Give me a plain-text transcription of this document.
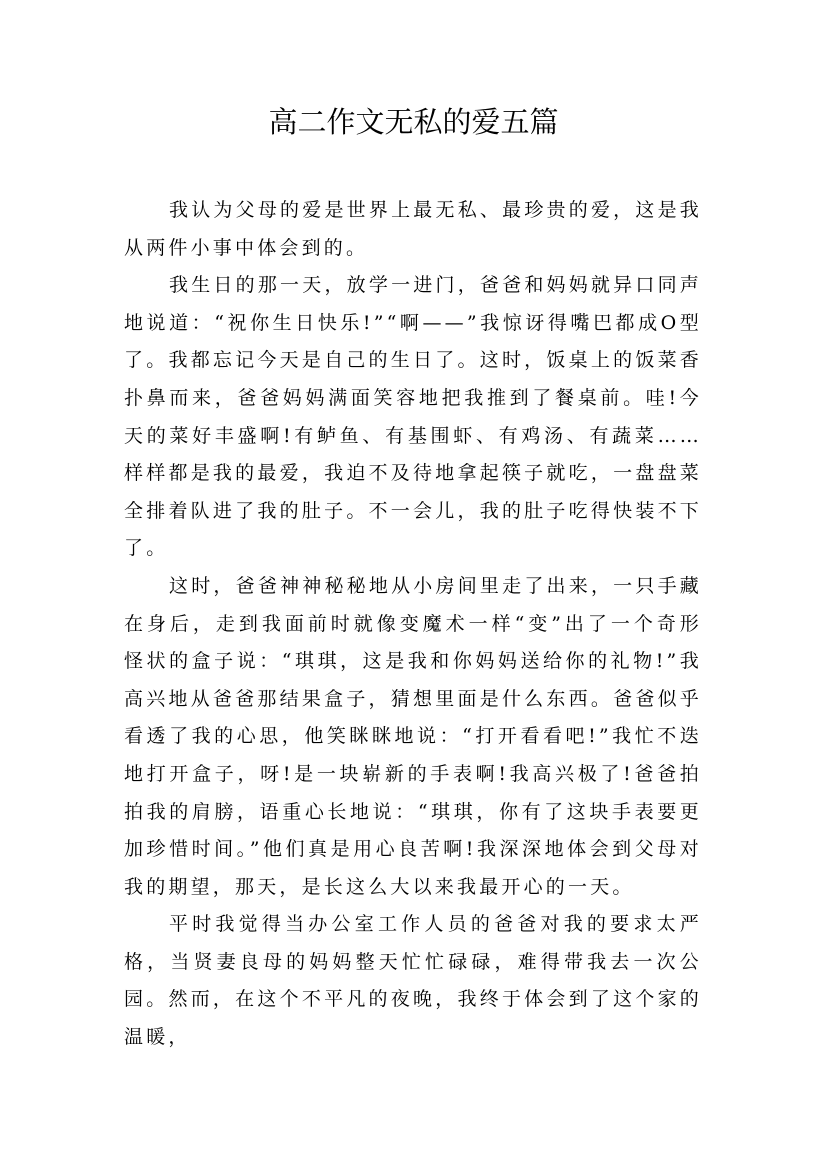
高二作文无私的爱五篇

我认为父母的爱是世界上最无私、最珍贵的爱，这是我从两件小事中体会到的。

我生日的那一天，放学一进门，爸爸和妈妈就异口同声地说道：“祝你生日快乐!”“啊——”我惊讶得嘴巴都成O型了。我都忘记今天是自己的生日了。这时，饭桌上的饭菜香扑鼻而来，爸爸妈妈满面笑容地把我推到了餐桌前。哇!今天的菜好丰盛啊!有鲈鱼、有基围虾、有鸡汤、有蔬菜……样样都是我的最爱，我迫不及待地拿起筷子就吃，一盘盘菜全排着队进了我的肚子。不一会儿，我的肚子吃得快装不下了。

这时，爸爸神神秘秘地从小房间里走了出来，一只手藏在身后，走到我面前时就像变魔术一样“变”出了一个奇形怪状的盒子说：“琪琪，这是我和你妈妈送给你的礼物!”我高兴地从爸爸那结果盒子，猜想里面是什么东西。爸爸似乎看透了我的心思，他笑眯眯地说：“打开看看吧!”我忙不迭地打开盒子，呀!是一块崭新的手表啊!我高兴极了!爸爸拍拍我的肩膀，语重心长地说：“琪琪，你有了这块手表要更加珍惜时间。”他们真是用心良苦啊!我深深地体会到父母对我的期望，那天，是长这么大以来我最开心的一天。

平时我觉得当办公室工作人员的爸爸对我的要求太严格，当贤妻良母的妈妈整天忙忙碌碌，难得带我去一次公园。然而，在这个不平凡的夜晚，我终于体会到了这个家的温暖，
